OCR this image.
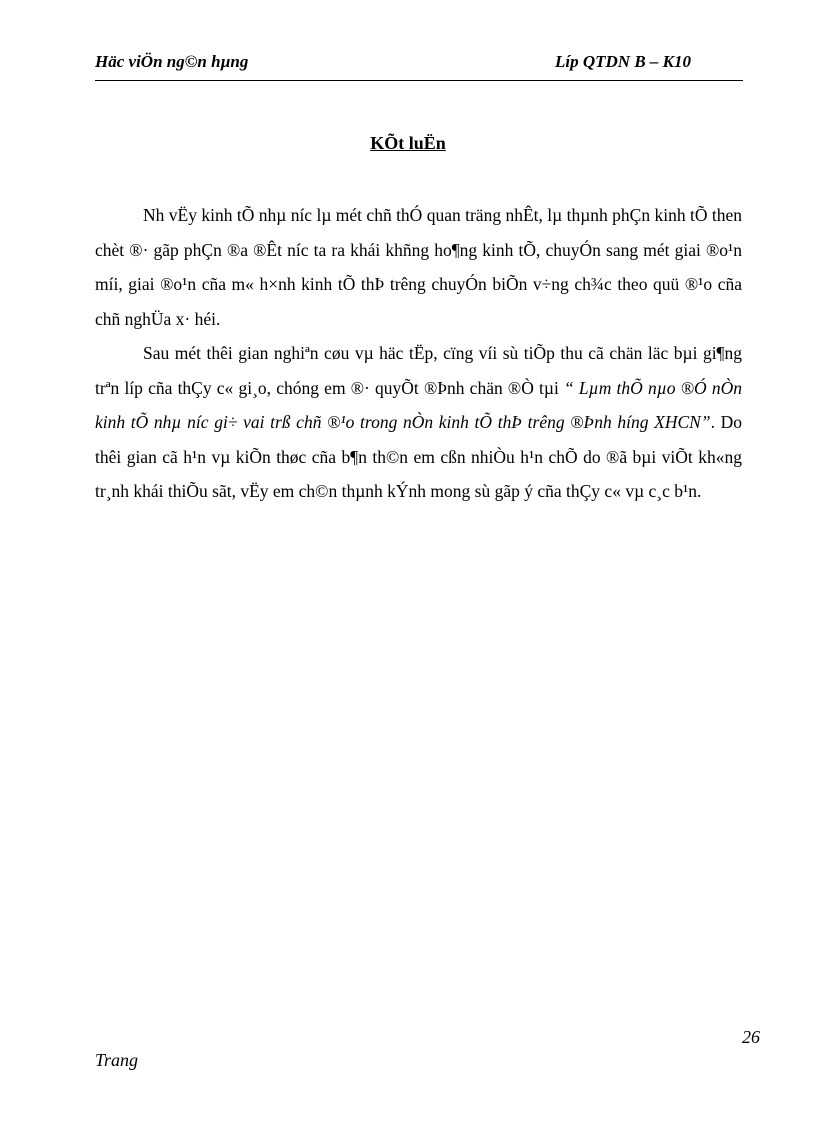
Häc viÖn ng©n hµng	Líp QTDN B – K10
KÕt luËn

Nh vËy kinh tÕ nhµ níc lµ mét chñ thÓ quan träng nhÊt, lµ thµnh phÇn kinh tÕ then chèt ®· gãp phÇn ®a ®Êt níc ta ra khái khñng ho¶ng kinh tÕ, chuyÓn sang mét giai ®o¹n míi, giai ®o¹n cña m« h×nh kinh tÕ thÞ trêng chuyÓn biÕn v÷ng ch¾c theo quü ®¹o cña chñ nghÜa x· héi.

Sau mét thêi gian nghiªn cøu vµ häc tËp, cïng víi sù tiÕp thu cã chän läc bµi gi¶ng trªn líp cña thÇy c« gi¸o, chóng em ®· quyÕt ®Þnh chän ®Ò tµi “ Lµm thÕ nµo ®Ó nÒn kinh tÕ nhµ níc gi÷ vai trß chñ ®¹o trong nÒn kinh tÕ thÞ trêng ®Þnh híng XHCN”. Do thêi gian cã h¹n vµ kiÕn thøc cña b¶n th©n em cßn nhiÒu h¹n chÕ do ®ã bµi viÕt kh«ng tr¸nh khái thiÕu sãt, vËy em ch©n thµnh kÝnh mong sù gãp ý cña thÇy c« vµ c¸c b¹n.

26
Trang
